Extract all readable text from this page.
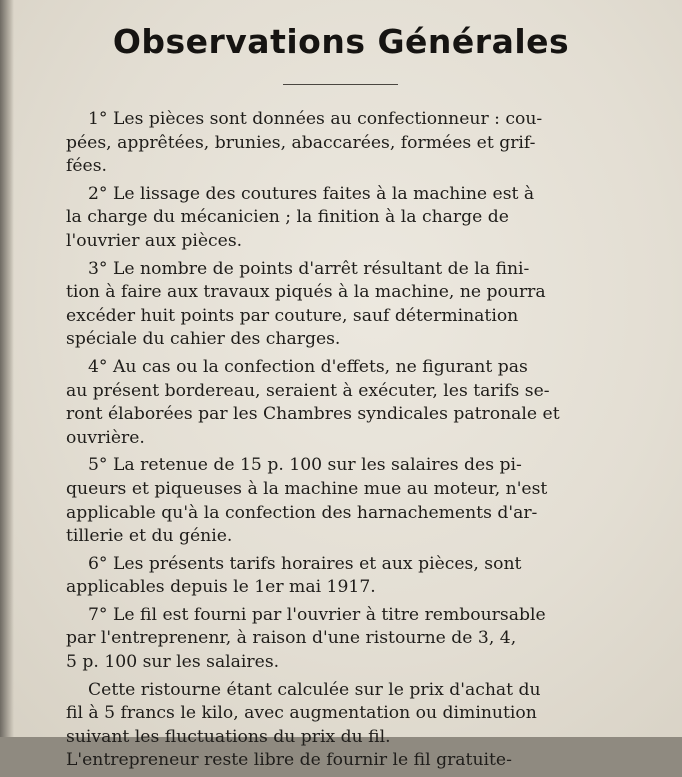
Observations Générales
1° Les pièces sont données au confectionneur : cou-
pées, apprêtées, brunies, abaccarées, formées et grif-
fées.
2° Le lissage des coutures faites à la machine est à
la charge du mécanicien ; la finition à la charge de
l'ouvrier aux pièces.
3° Le nombre de points d'arrêt résultant de la fini-
tion à faire aux travaux piqués à la machine, ne pourra
excéder huit points par couture, sauf détermination
spéciale du cahier des charges.
4° Au cas ou la confection d'effets, ne figurant pas
au présent bordereau, seraient à exécuter, les tarifs se-
ront élaborées par les Chambres syndicales patronale et
ouvrière.
5° La retenue de 15 p. 100 sur les salaires des pi-
queurs et piqueuses à la machine mue au moteur, n'est
applicable qu'à la confection des harnachements d'ar-
tillerie et du génie.
6° Les présents tarifs horaires et aux pièces, sont
applicables depuis le 1er mai 1917.
7° Le fil est fourni par l'ouvrier à titre remboursable
par l'entreprenenr, à raison d'une ristourne de 3, 4,
5 p. 100 sur les salaires.
Cette ristourne étant calculée sur le prix d'achat du
fil à 5 francs le kilo, avec augmentation ou diminution
suivant les fluctuations du prix du fil.
L'entrepreneur reste libre de fournir le fil gratuite-
